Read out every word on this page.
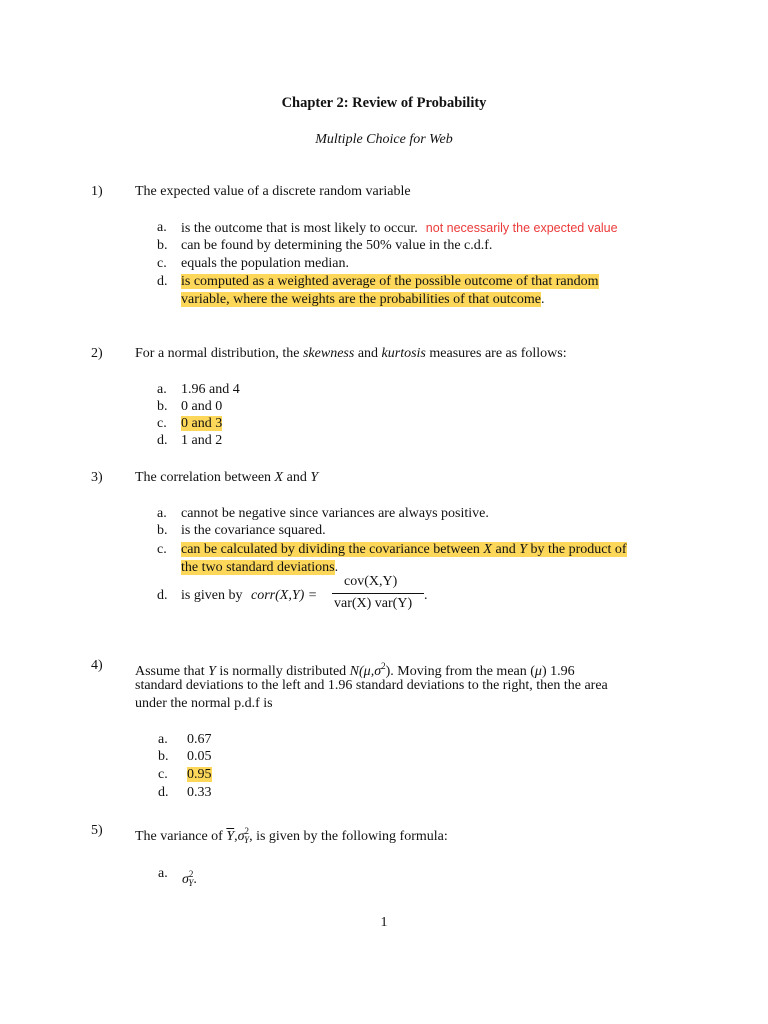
Chapter 2: Review of Probability
Multiple Choice for Web
1) The expected value of a discrete random variable
a. is the outcome that is most likely to occur. not necessarily the expected value
b. can be found by determining the 50% value in the c.d.f.
c. equals the population median.
d. is computed as a weighted average of the possible outcome of that random
variable, where the weights are the probabilities of that outcome.
2) For a normal distribution, the skewness and kurtosis measures are as follows:
a. 1.96 and 4
b. 0 and 0
c. 0 and 3
d. 1 and 2
3) The correlation between X and Y
a. cannot be negative since variances are always positive.
b. is the covariance squared.
c. can be calculated by dividing the covariance between X and Y by the product of
the two standard deviations.
d. is given by corr(X,Y) =
cov(X,Y)
var(X) var(Y)
.
4) Assume that Y is normally distributed $N(\mu,\sigma^2)$. Moving from the mean (μ) 1.96
standard deviations to the left and 1.96 standard deviations to the right, then the area
under the normal p.d.f is
a. 0.67
b. 0.05
c. 0.95
d. 0.33
5) The variance of $\overline{Y},\sigma^2_Y$, is given by the following formula:
a. $\sigma^2_Y$.
1
